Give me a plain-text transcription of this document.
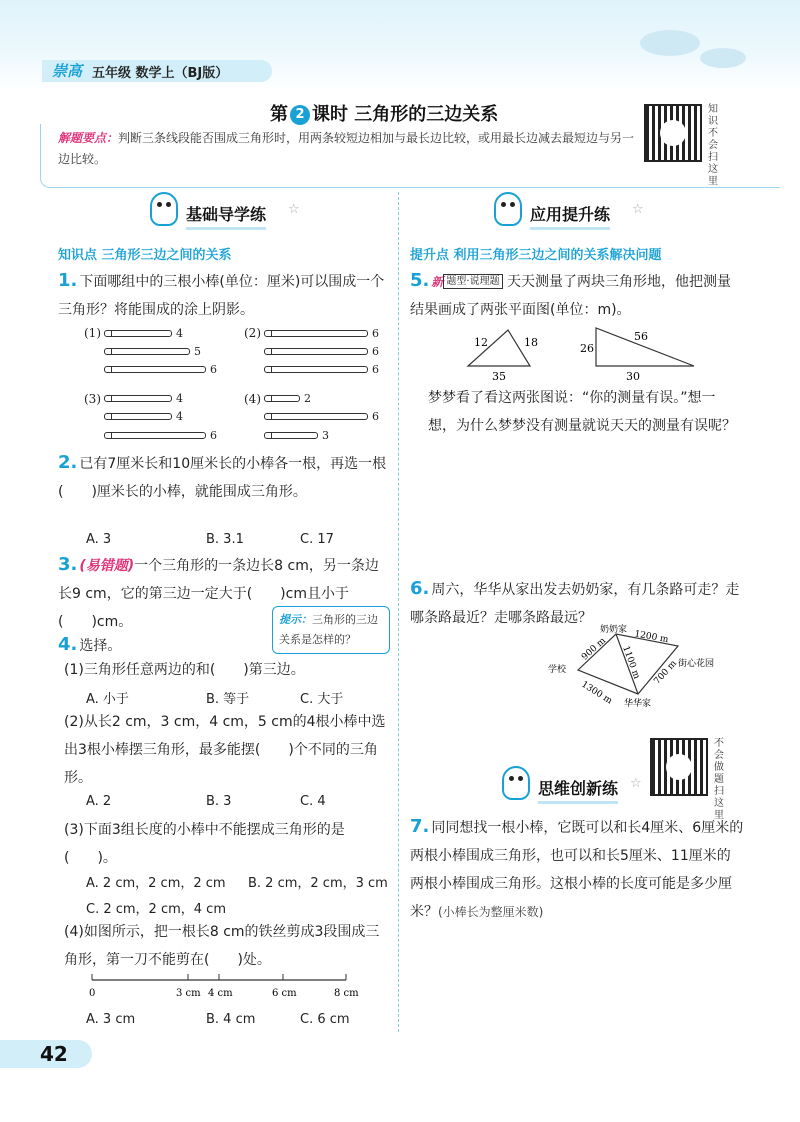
崇高 五年级 数学上（BJ版）
第 2 课时 三角形的三边关系
解题要点：判断三条线段能否围成三角形时，用两条较短边相加与最长边比较，或用最长边减去最短边与另一边比较。
知识不会扫这里
基础导学练 ☆
知识点 三角形三边之间的关系
1. 下面哪组中的三根小棒(单位：厘米)可以围成一个三角形？将能围成的涂上阴影。
(1)	4
5
6
(2)	6
6
6
(3)	4
4
6
(4)	2
6
3
2. 已有7厘米长和10厘米长的小棒各一根，再选一根(　　)厘米长的小棒，就能围成三角形。
A. 3	B. 3.1	C. 17
3. (易错题)一个三角形的一条边长8 cm，另一条边长9 cm，它的第三边一定大于(　　)cm且小于(　　)cm。	提示：三角形的三边关系是怎样的？
4. 选择。
(1)三角形任意两边的和(　　)第三边。
A. 小于	B. 等于	C. 大于
(2)从长2 cm，3 cm，4 cm，5 cm的4根小棒中选出3根小棒摆三角形，最多能摆(　　)个不同的三角形。
A. 2	B. 3	C. 4
(3)下面3组长度的小棒中不能摆成三角形的是(　　)。
A. 2 cm，2 cm，2 cm B. 2 cm，2 cm，3 cm
C. 2 cm，2 cm，4 cm
(4)如图所示，把一根长8 cm的铁丝剪成3段围成三角形，第一刀不能剪在(　　)处。
0	3 cm 4 cm	6 cm	8 cm
A. 3 cm	B. 4 cm	C. 6 cm
应用提升练 ☆
提升点 利用三角形三边之间的关系解决问题
5. 新 题型·说理题 天天测量了两块三角形地，他把测量结果画成了两张平面图(单位：m)。
12	18
35
56
26
30
梦梦看了看这两张图说：“你的测量有误。”想一想，为什么梦梦没有测量就说天天的测量有误呢？
6. 周六，华华从家出发去奶奶家，有几条路可走？走哪条路最近？走哪条路最远？
奶奶家
街心花园
学校
华华家
900 m	1200 m
1100 m 700 m
1300 m
不会做题扫这里
思维创新练 ☆
7. 同同想找一根小棒，它既可以和长4厘米、6厘米的两根小棒围成三角形，也可以和长5厘米、11厘米的两根小棒围成三角形。这根小棒的长度可能是多少厘米？(小棒长为整厘米数)
42
